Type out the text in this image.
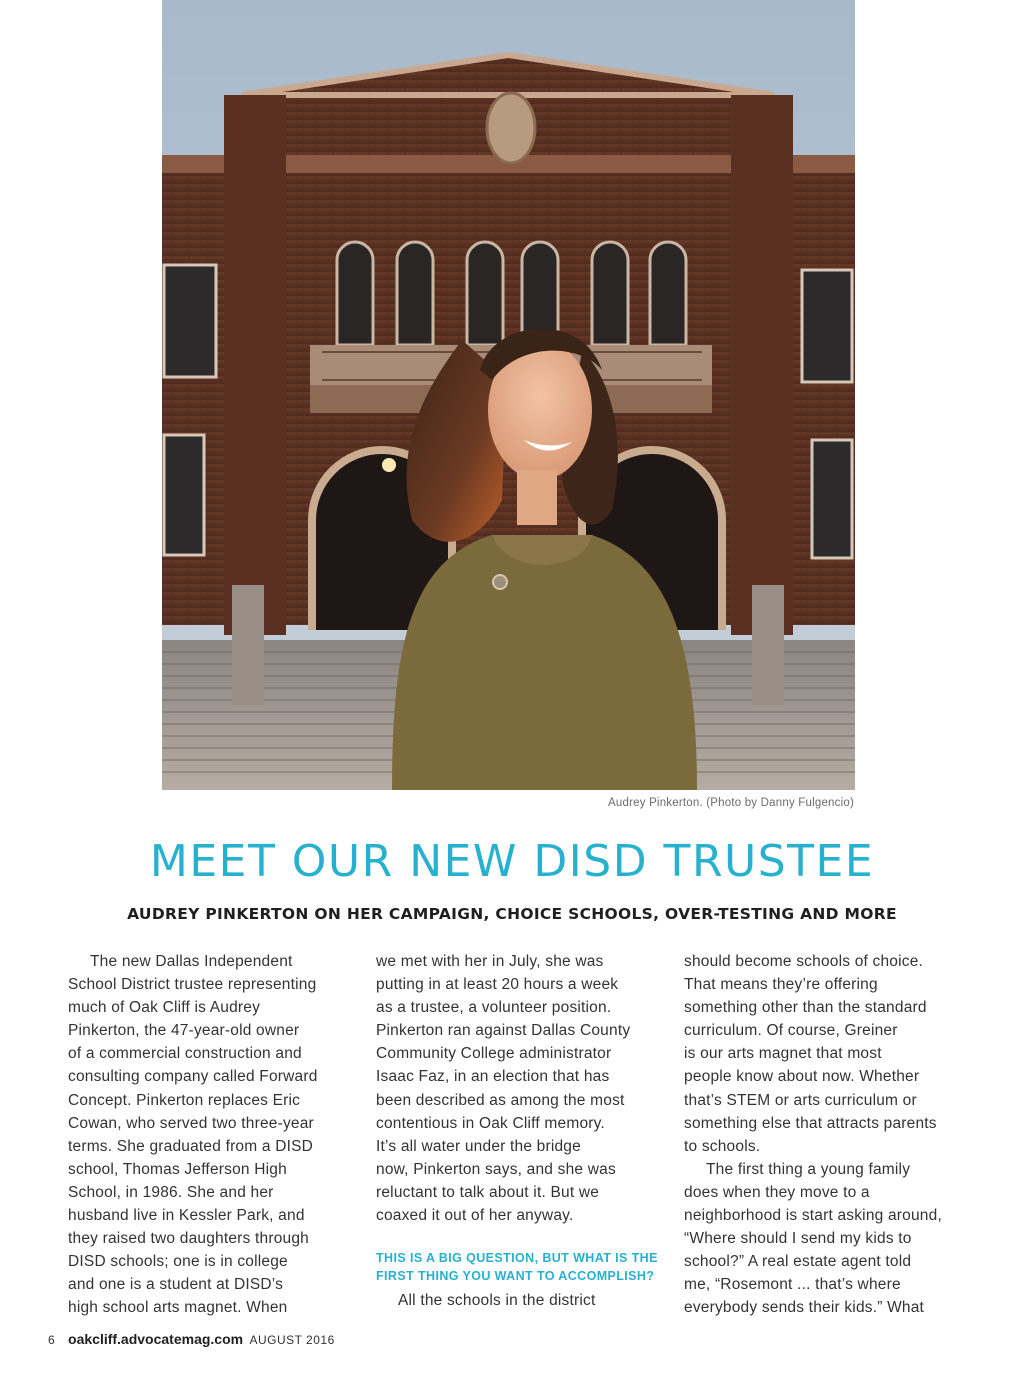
Audrey Pinkerton. (Photo by Danny Fulgencio)
MEET OUR NEW DISD TRUSTEE
AUDREY PINKERTON ON HER CAMPAIGN, CHOICE SCHOOLS, OVER-TESTING AND MORE
The new Dallas Independent
School District trustee representing
much of Oak Cliff is Audrey
Pinkerton, the 47-year-old owner
of a commercial construction and
consulting company called Forward
Concept. Pinkerton replaces Eric
Cowan, who served two three-year
terms. She graduated from a DISD
school, Thomas Jefferson High
School, in 1986. She and her
husband live in Kessler Park, and
they raised two daughters through
DISD schools; one is in college
and one is a student at DISD’s
high school arts magnet. When
we met with her in July, she was
putting in at least 20 hours a week
as a trustee, a volunteer position.
Pinkerton ran against Dallas County
Community College administrator
Isaac Faz, in an election that has
been described as among the most
contentious in Oak Cliff memory.
It’s all water under the bridge
now, Pinkerton says, and she was
reluctant to talk about it. But we
coaxed it out of her anyway.
THIS IS A BIG QUESTION, BUT WHAT IS THE
FIRST THING YOU WANT TO ACCOMPLISH?
All the schools in the district
should become schools of choice.
That means they’re offering
something other than the standard
curriculum. Of course, Greiner
is our arts magnet that most
people know about now. Whether
that’s STEM or arts curriculum or
something else that attracts parents
to schools.
The first thing a young family
does when they move to a
neighborhood is start asking around,
“Where should I send my kids to
school?” A real estate agent told
me, “Rosemont ... that’s where
everybody sends their kids.” What
6 oakcliff.advocatemag.com AUGUST 2016
